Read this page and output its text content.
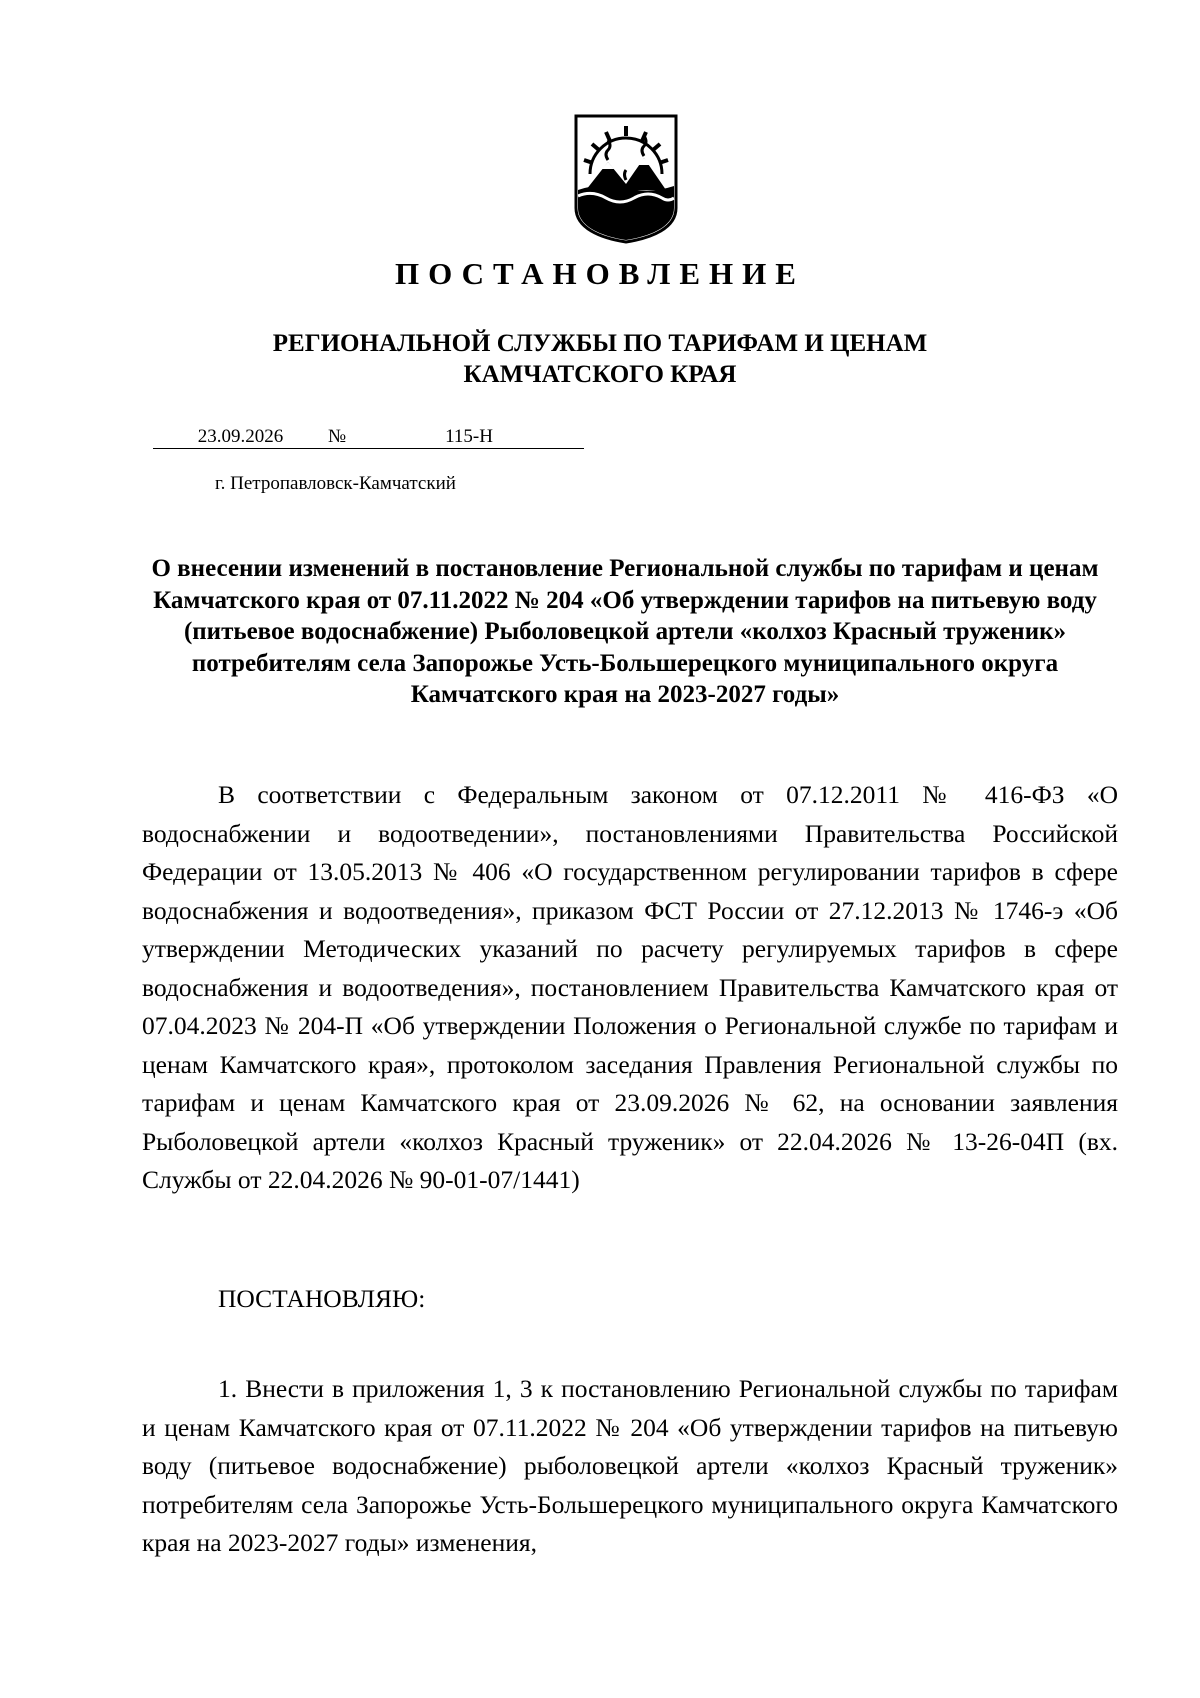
ПОСТАНОВЛЕНИЕ
РЕГИОНАЛЬНОЙ СЛУЖБЫ ПО ТАРИФАМ И ЦЕНАМ
КАМЧАТСКОГО КРАЯ
23.09.2026 №	115-Н
г. Петропавловск-Камчатский
О внесении изменений в постановление Региональной службы по тарифам и ценам Камчатского края от 07.11.2022 № 204 «Об утверждении тарифов на питьевую воду (питьевое водоснабжение) Рыболовецкой артели «колхоз Красный труженик» потребителям села Запорожье Усть-Большерецкого муниципального округа Камчатского края на 2023-2027 годы»

В соответствии с Федеральным законом от 07.12.2011 № 416-ФЗ «О водоснабжении и водоотведении», постановлениями Правительства Российской Федерации от 13.05.2013 № 406 «О государственном регулировании тарифов в сфере водоснабжения и водоотведения», приказом ФСТ России от 27.12.2013 № 1746-э «Об утверждении Методических указаний по расчету регулируемых тарифов в сфере водоснабжения и водоотведения», постановлением Правительства Камчатского края от 07.04.2023 № 204-П «Об утверждении Положения о Региональной службе по тарифам и ценам Камчатского края», протоколом заседания Правления Региональной службы по тарифам и ценам Камчатского края от 23.09.2026 № 62, на основании заявления Рыболовецкой артели «колхоз Красный труженик» от 22.04.2026 № 13-26-04П (вх. Службы от 22.04.2026 № 90-01-07/1441)

ПОСТАНОВЛЯЮ:

1. Внести в приложения 1, 3 к постановлению Региональной службы по тарифам и ценам Камчатского края от 07.11.2022 № 204 «Об утверждении тарифов на питьевую воду (питьевое водоснабжение) рыболовецкой артели «колхоз Красный труженик» потребителям села Запорожье Усть-Большерецкого муниципального округа Камчатского края на 2023-2027 годы» изменения,
